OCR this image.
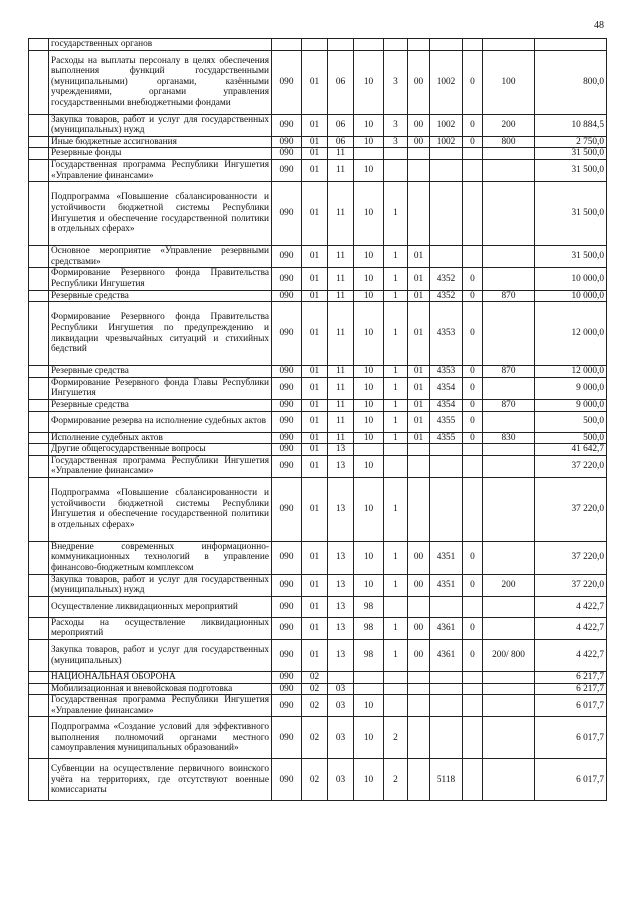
48
	государственных органов										
	Расходы на выплаты персоналу в целях обеспечения выполнения функций государственными (муниципальными) органами, казёнными учреждениями, органами управления государственными внебюджетными фондами	090	01	06	10	3	00	1002	0	100	800,0
	Закупка товаров, работ и услуг для государственных (муниципальных) нужд	090	01	06	10	3	00	1002	0	200	10 884,5
	Иные бюджетные ассигнования	090	01	06	10	3	00	1002	0	800	2 750,0
	Резервные фонды	090	01	11							31 500,0
	Государственная программа Республики Ингушетия «Управление финансами»	090	01	11	10						31 500,0
	Подпрограмма «Повышение сбалансированности и устойчивости бюджетной системы Республики Ингушетия и обеспечение государственной политики в отдельных сферах»	090	01	11	10	1					31 500,0
	Основное мероприятие «Управление резервными средствами»	090	01	11	10	1	01				31 500,0
	Формирование Резервного фонда Правительства Республики Ингушетия	090	01	11	10	1	01	4352	0		10 000,0
	Резервные средства	090	01	11	10	1	01	4352	0	870	10 000,0
	Формирование Резервного фонда Правительства Республики Ингушетия по предупреждению и ликвидации чрезвычайных ситуаций и стихийных бедствий	090	01	11	10	1	01	4353	0		12 000,0
	Резервные средства	090	01	11	10	1	01	4353	0	870	12 000,0
	Формирование Резервного фонда Главы Республики Ингушетия	090	01	11	10	1	01	4354	0		9 000,0
	Резервные средства	090	01	11	10	1	01	4354	0	870	9 000,0
	Формирование резерва на исполнение судебных актов	090	01	11	10	1	01	4355	0		500,0
	Исполнение судебных актов	090	01	11	10	1	01	4355	0	830	500,0
	Другие общегосударственные вопросы	090	01	13							41 642,7
	Государственная программа Республики Ингушетия «Управление финансами»	090	01	13	10						37 220,0
	Подпрограмма «Повышение сбалансированности и устойчивости бюджетной системы Республики Ингушетия и обеспечение государственной политики в отдельных сферах»	090	01	13	10	1					37 220,0
	Внедрение современных информационно-коммуникационных технологий в управление финансово-бюджетным комплексом	090	01	13	10	1	00	4351	0		37 220,0
	Закупка товаров, работ и услуг для государственных (муниципальных) нужд	090	01	13	10	1	00	4351	0	200	37 220,0
	Осуществление ликвидационных мероприятий	090	01	13	98						4 422,7
	Расходы на осуществление ликвидационных мероприятий	090	01	13	98	1	00	4361	0		4 422,7
	Закупка товаров, работ и услуг для государственных (муниципальных)	090	01	13	98	1	00	4361	0	200/ 800	4 422,7
	НАЦИОНАЛЬНАЯ ОБОРОНА	090	02								6 217,7
	Мобилизационная и вневойсковая подготовка	090	02	03							6 217,7
	Государственная программа Республики Ингушетия «Управление финансами»	090	02	03	10						6 017,7
	Подпрограмма «Создание условий для эффективного выполнения полномочий органами местного самоуправления муниципальных образований»	090	02	03	10	2					6 017,7
	Субвенции на осуществление первичного воинского учёта на территориях, где отсутствуют военные комиссариаты	090	02	03	10	2		5118			6 017,7
